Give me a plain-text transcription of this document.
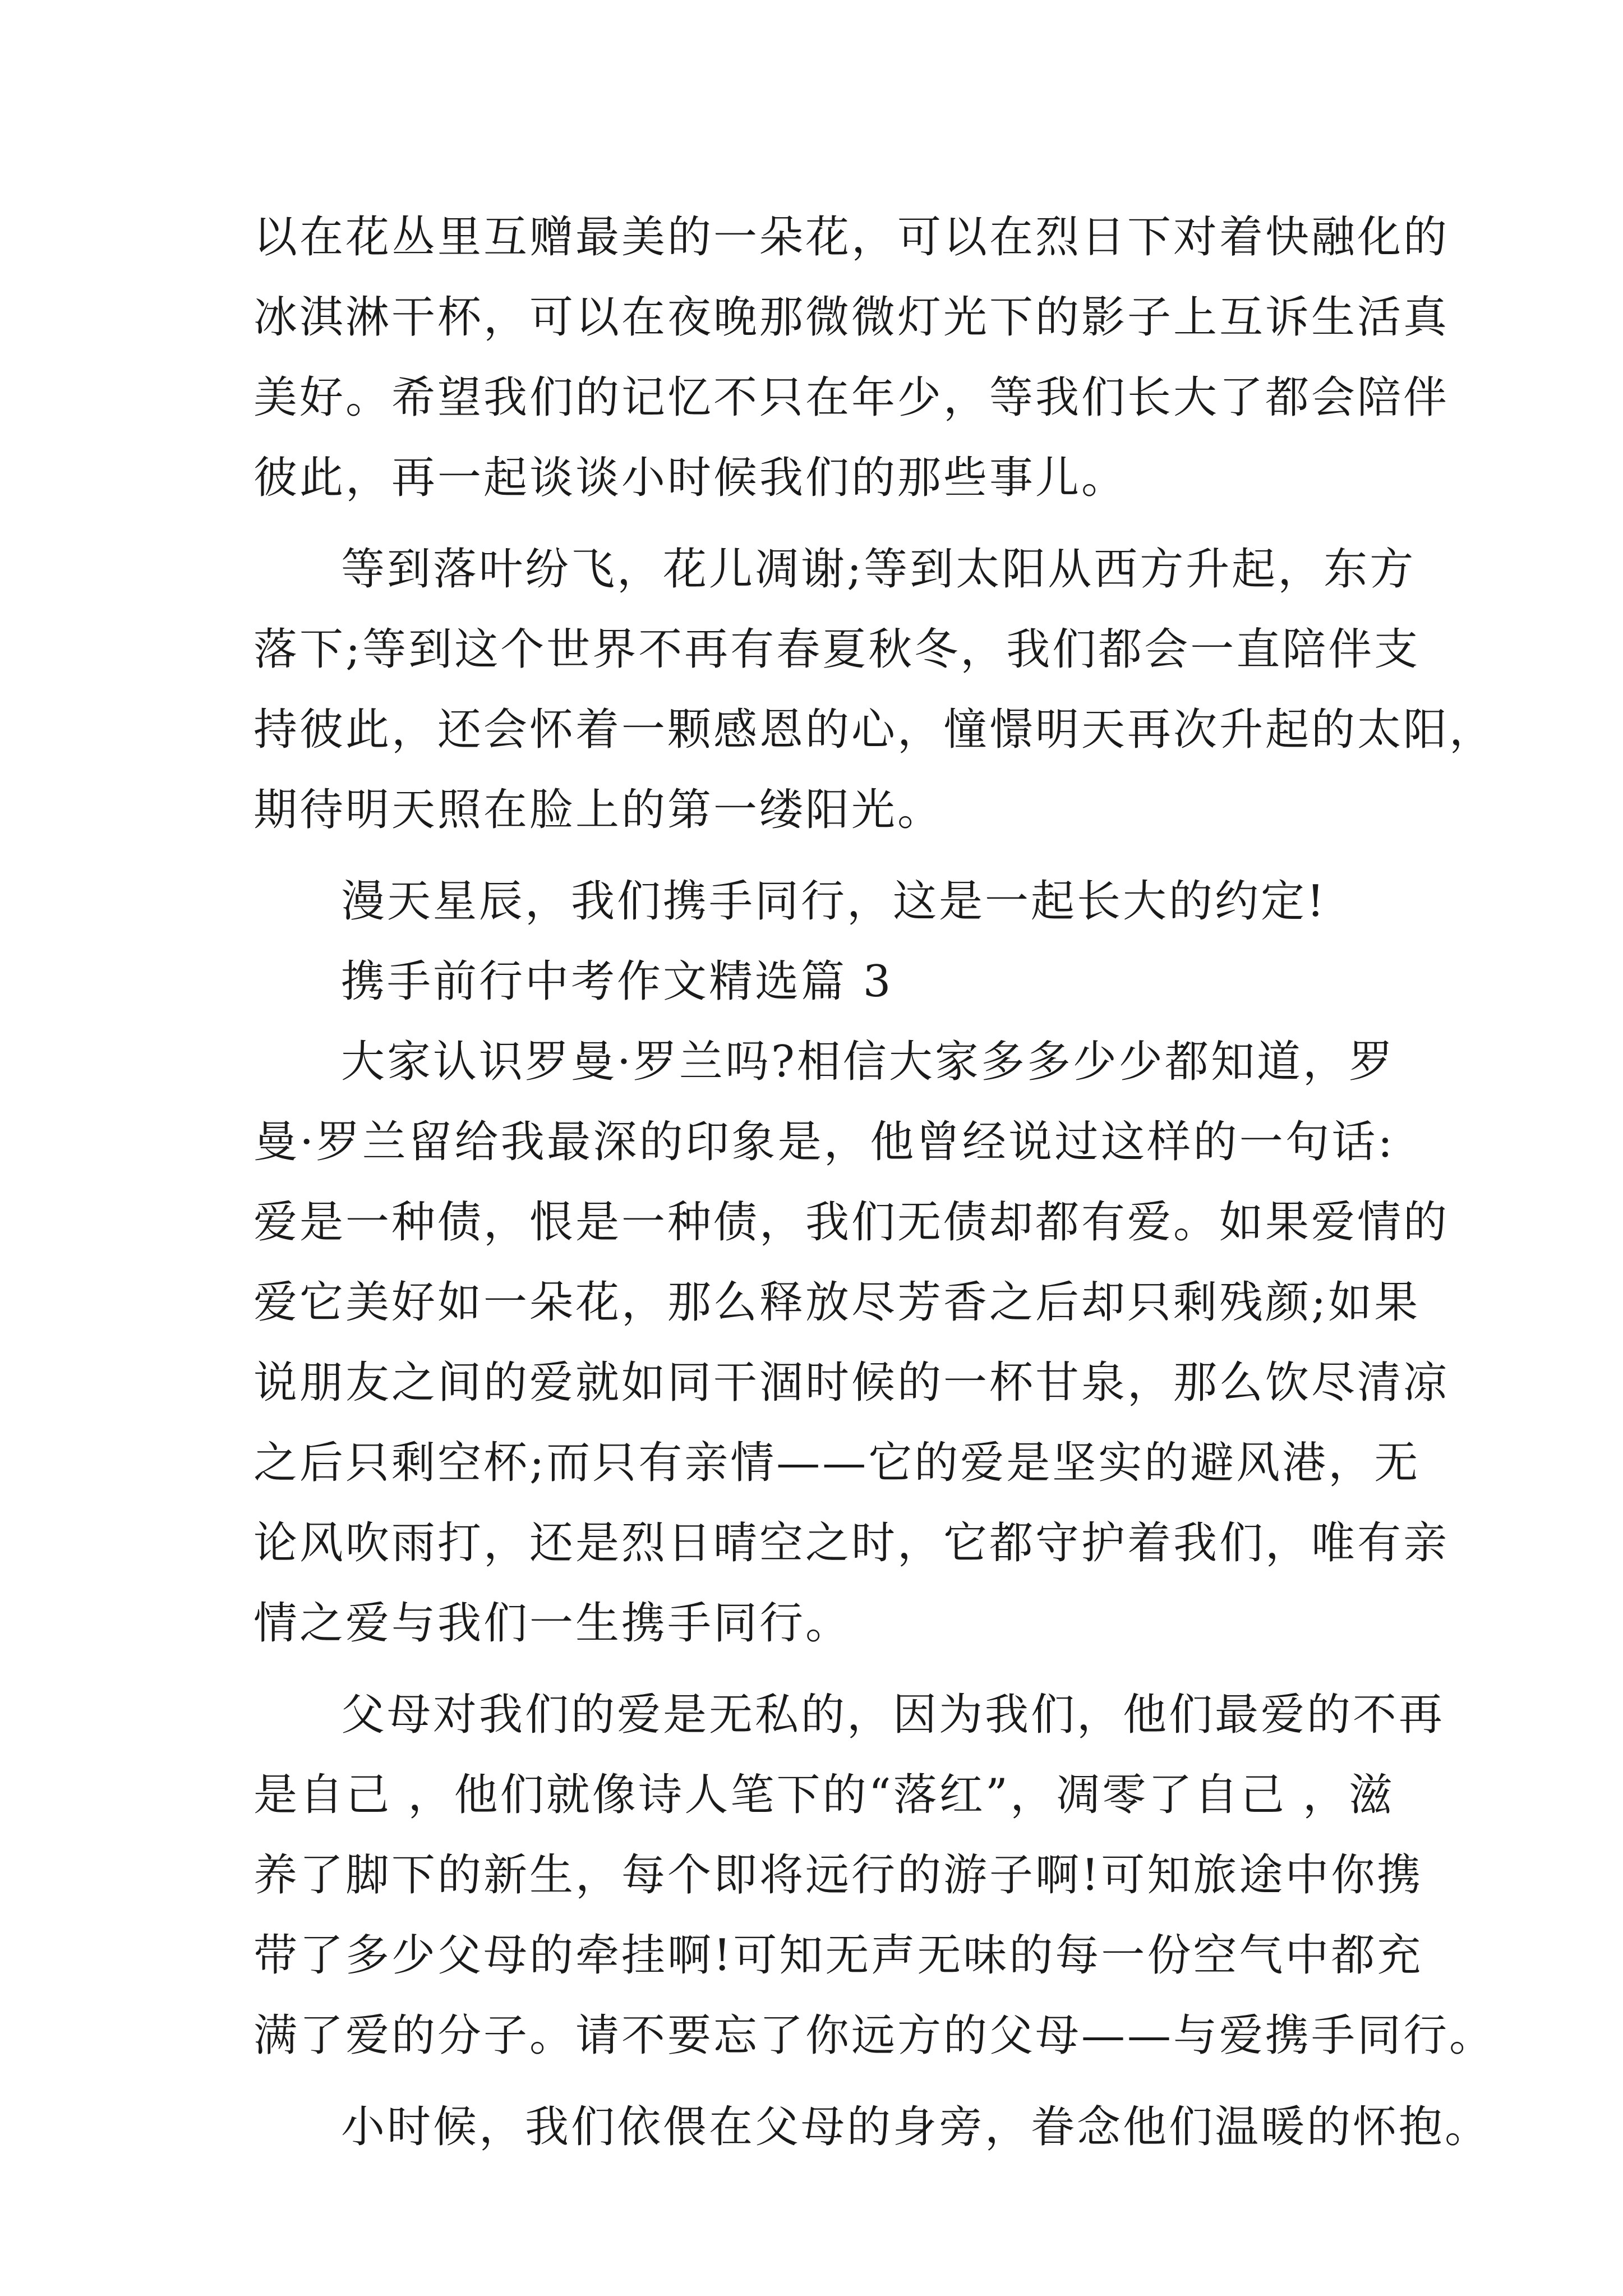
以在花丛里互赠最美的一朵花，可以在烈日下对着快融化的
冰淇淋干杯，可以在夜晚那微微灯光下的影子上互诉生活真
美好。希望我们的记忆不只在年少，等我们长大了都会陪伴
彼此，再一起谈谈小时候我们的那些事儿。
等到落叶纷飞，花儿凋谢;等到太阳从西方升起，东方
落下;等到这个世界不再有春夏秋冬，我们都会一直陪伴支
持彼此，还会怀着一颗感恩的心，憧憬明天再次升起的太阳，
期待明天照在脸上的第一缕阳光。
漫天星辰，我们携手同行，这是一起长大的约定!
携手前行中考作文精选篇 3
大家认识罗曼·罗兰吗?相信大家多多少少都知道，罗
曼·罗兰留给我最深的印象是，他曾经说过这样的一句话:
爱是一种债，恨是一种债，我们无债却都有爱。如果爱情的
爱它美好如一朵花，那么释放尽芳香之后却只剩残颜;如果
说朋友之间的爱就如同干涸时候的一杯甘泉，那么饮尽清凉
之后只剩空杯;而只有亲情——它的爱是坚实的避风港，无
论风吹雨打，还是烈日晴空之时，它都守护着我们，唯有亲
情之爱与我们一生携手同行。
父母对我们的爱是无私的，因为我们，他们最爱的不再
是自己 ，他们就像诗人笔下的“落红”，凋零了自己 ，滋
养了脚下的新生，每个即将远行的游子啊!可知旅途中你携
带了多少父母的牵挂啊!可知无声无味的每一份空气中都充
满了爱的分子。请不要忘了你远方的父母——与爱携手同行。
小时候，我们依偎在父母的身旁，眷念他们温暖的怀抱。
